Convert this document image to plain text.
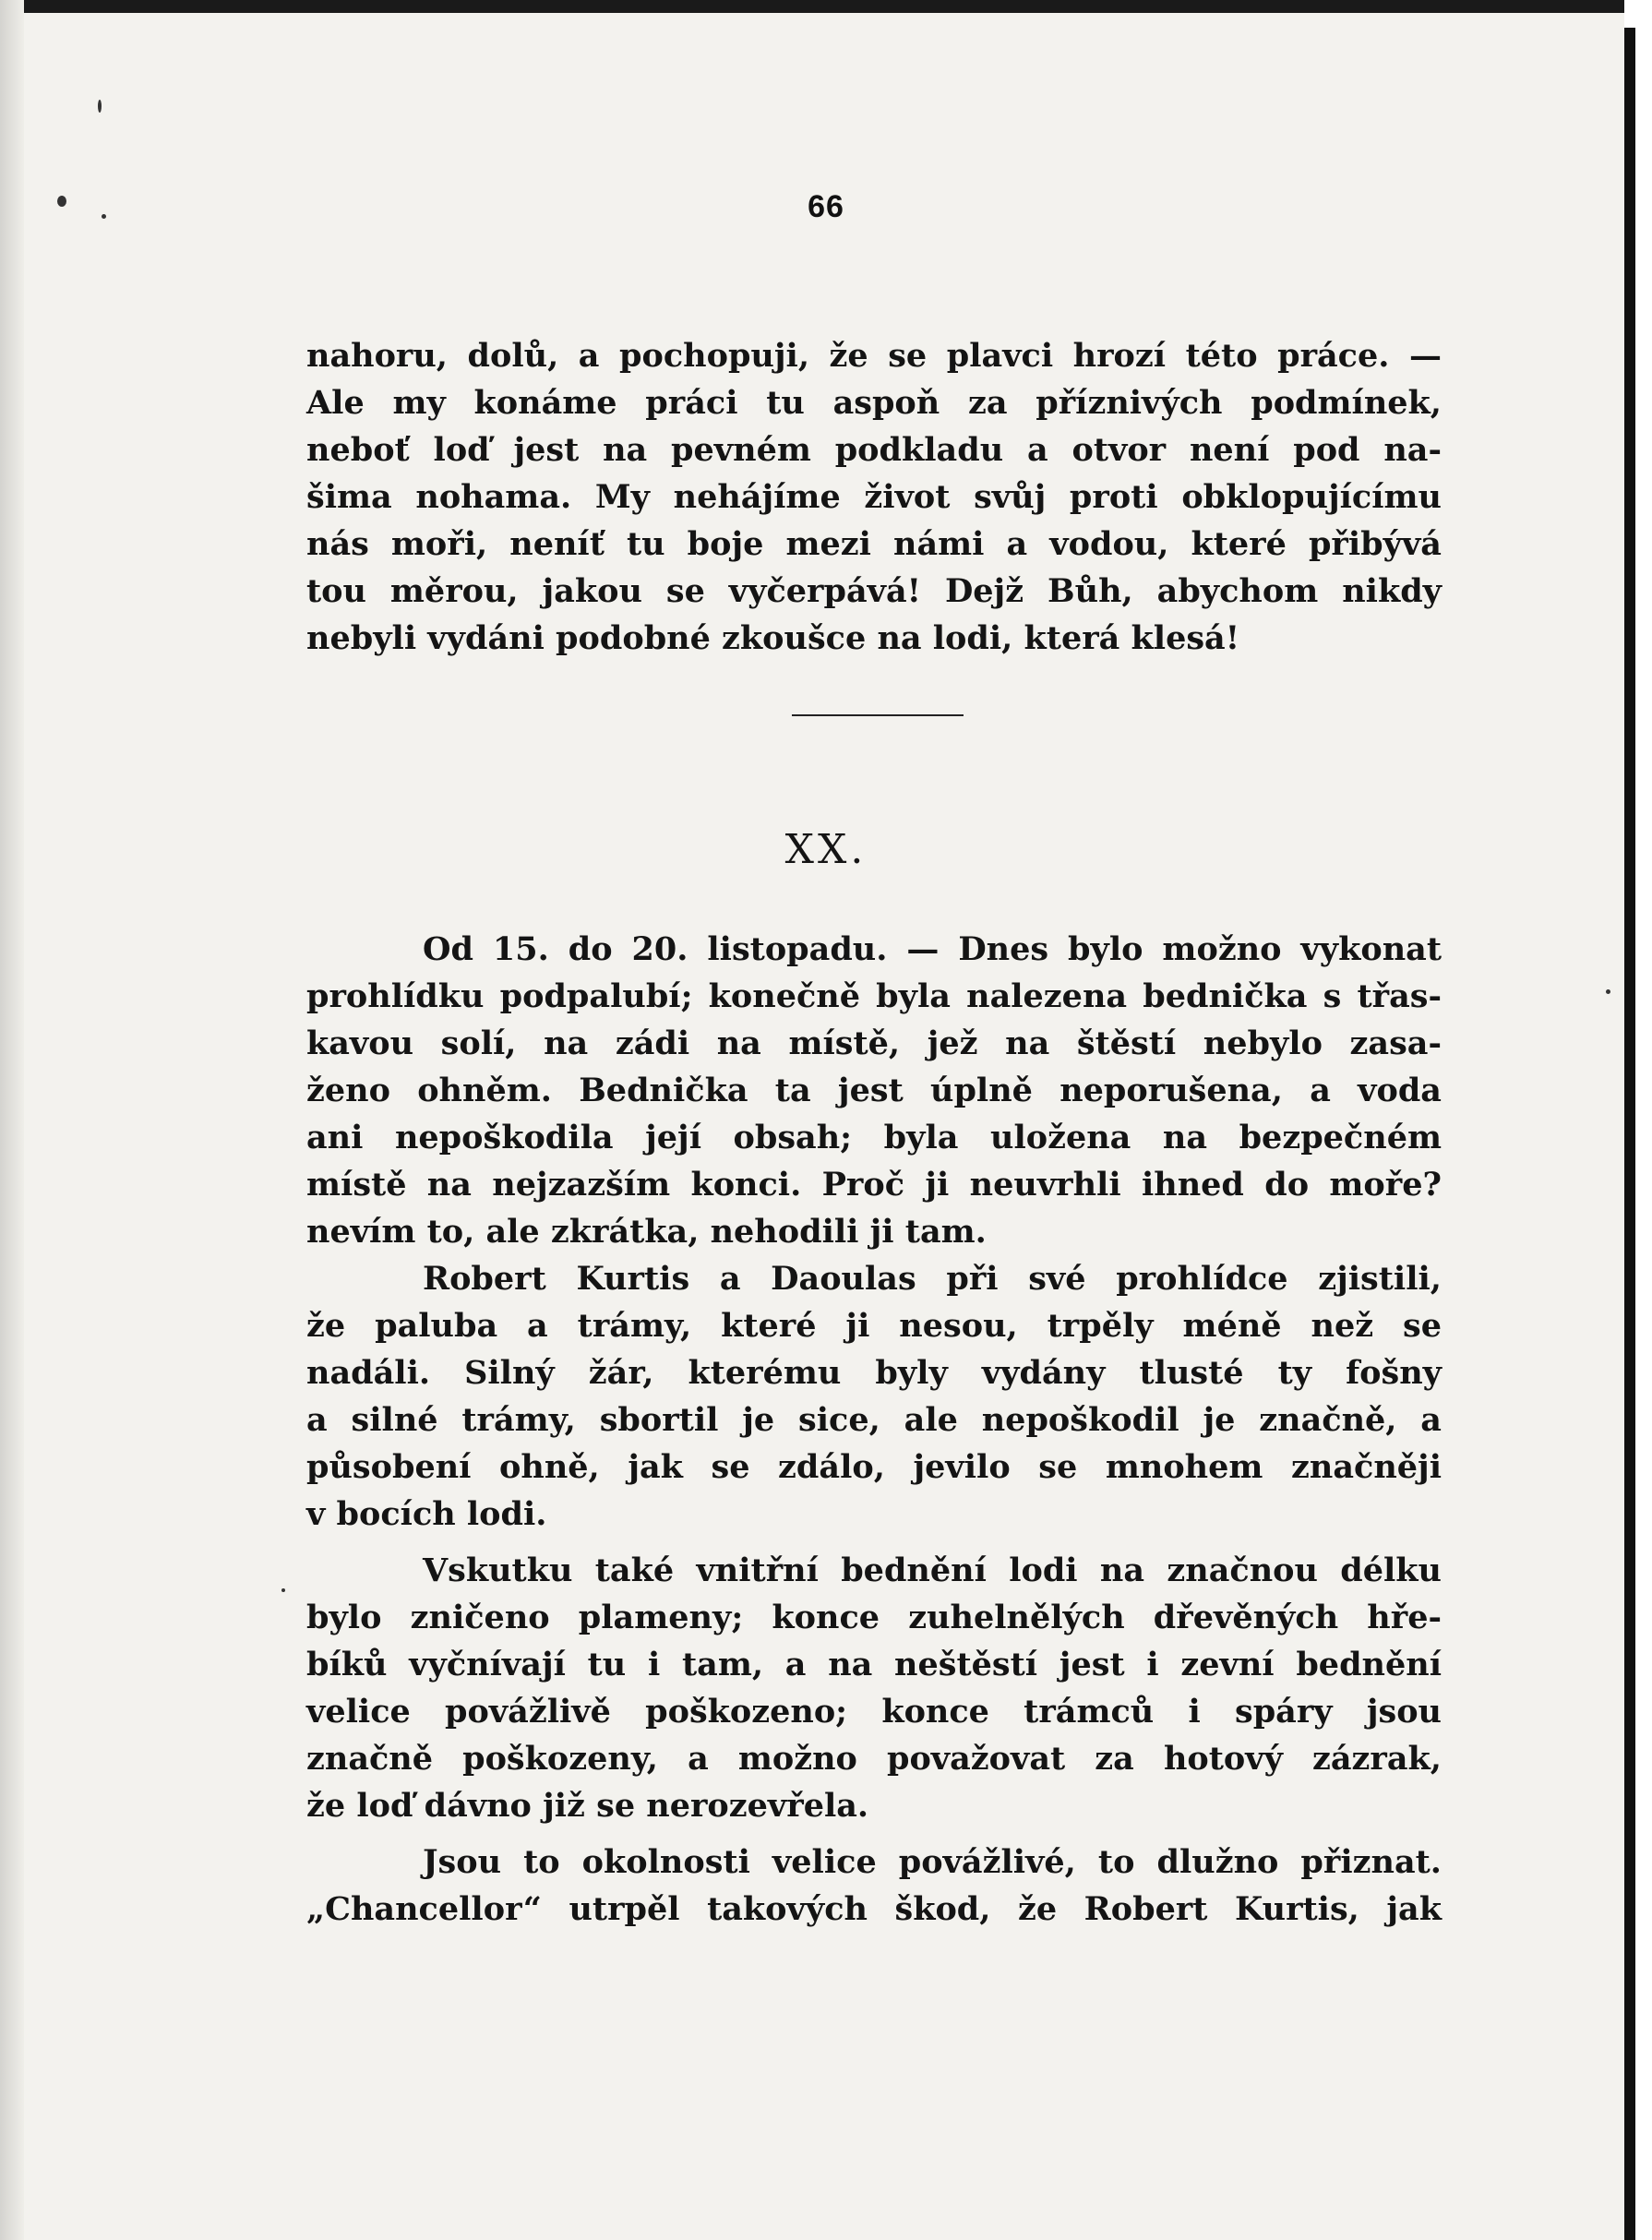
66
nahoru, dolů, a pochopuji, že se plavci hrozí této práce. —
Ale my konáme práci tu aspoň za příznivých podmínek,
neboť loď jest na pevném podkladu a otvor není pod na-
šima nohama. My nehájíme život svůj proti obklopujícímu
nás moři, neníť tu boje mezi námi a vodou, které přibývá
tou měrou, jakou se vyčerpává! Dejž Bůh, abychom nikdy
nebyli vydáni podobné zkoušce na lodi, která klesá!
XX.
Od 15. do 20. listopadu. — Dnes bylo možno vykonat
prohlídku podpalubí; konečně byla nalezena bednička s třas-
kavou solí, na zádi na místě, jež na štěstí nebylo zasa-
ženo ohněm. Bednička ta jest úplně neporušena, a voda
ani nepoškodila její obsah; byla uložena na bezpečném
místě na nejzazším konci. Proč ji neuvrhli ihned do moře?
nevím to, ale zkrátka, nehodili ji tam.
Robert Kurtis a Daoulas při své prohlídce zjistili,
že paluba a trámy, které ji nesou, trpěly méně než se
nadáli. Silný žár, kterému byly vydány tlusté ty fošny
a silné trámy, sbortil je sice, ale nepoškodil je značně, a
působení ohně, jak se zdálo, jevilo se mnohem značněji
v bocích lodi.
Vskutku také vnitřní bednění lodi na značnou délku
bylo zničeno plameny; konce zuhelnělých dřevěných hře-
bíků vyčnívají tu i tam, a na neštěstí jest i zevní bednění
velice povážlivě poškozeno; konce trámců i spáry jsou
značně poškozeny, a možno považovat za hotový zázrak,
že loď dávno již se nerozevřela.
Jsou to okolnosti velice povážlivé, to dlužno přiznat.
„Chancellor“ utrpěl takových škod, že Robert Kurtis, jak
